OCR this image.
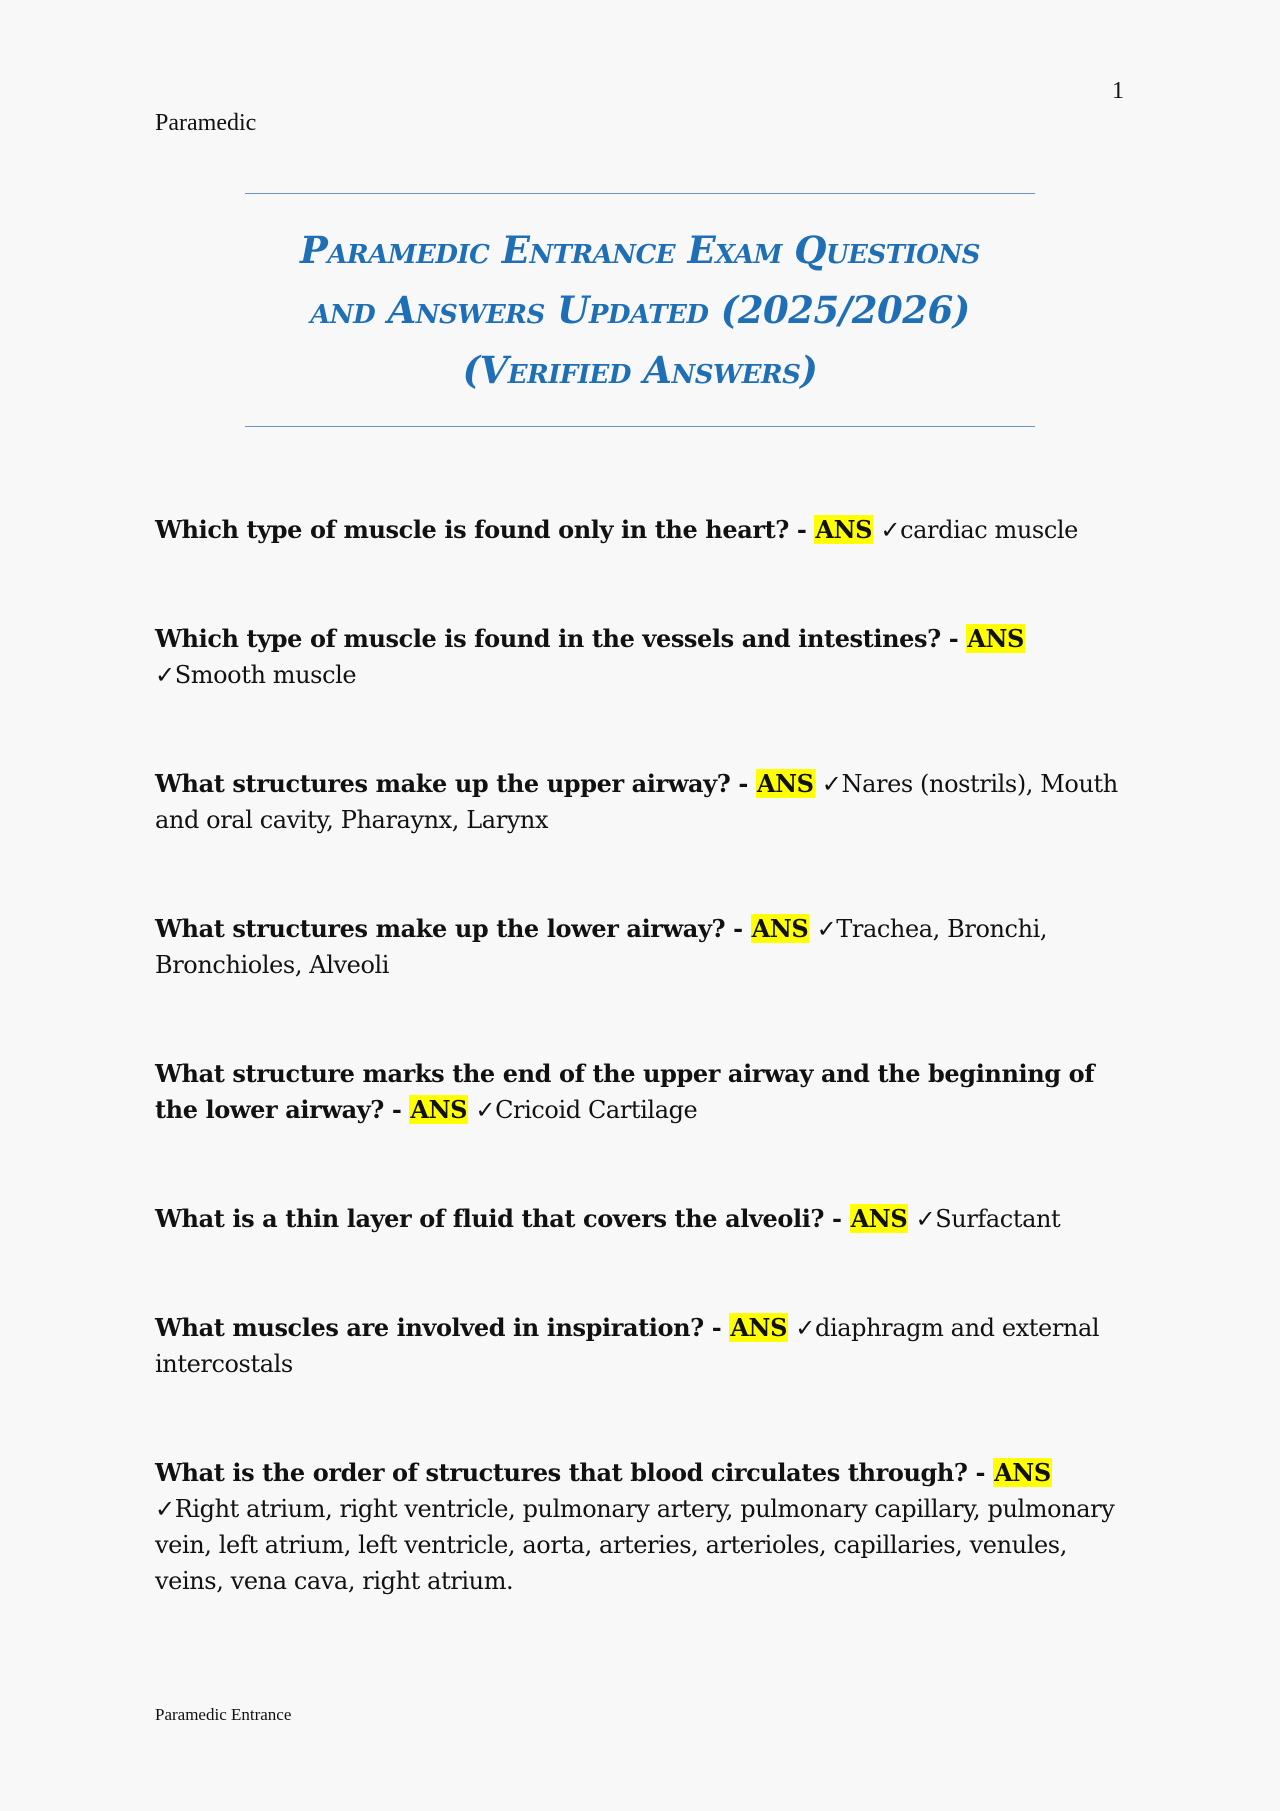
1
Paramedic
Paramedic Entrance Exam Questions
and Answers Updated (2025/2026)
(Verified Answers)

Which type of muscle is found only in the heart? - ANS ✓cardiac muscle

Which type of muscle is found in the vessels and intestines? - ANS ✓Smooth muscle

What structures make up the upper airway? - ANS ✓Nares (nostrils), Mouth and oral cavity, Pharaynx, Larynx

What structures make up the lower airway? - ANS ✓Trachea, Bronchi, Bronchioles, Alveoli

What structure marks the end of the upper airway and the beginning of the lower airway? - ANS ✓Cricoid Cartilage

What is a thin layer of fluid that covers the alveoli? - ANS ✓Surfactant

What muscles are involved in inspiration? - ANS ✓diaphragm and external intercostals

What is the order of structures that blood circulates through? - ANS ✓Right atrium, right ventricle, pulmonary artery, pulmonary capillary, pulmonary vein, left atrium, left ventricle, aorta, arteries, arterioles, capillaries, venules, veins, vena cava, right atrium.

Paramedic Entrance
